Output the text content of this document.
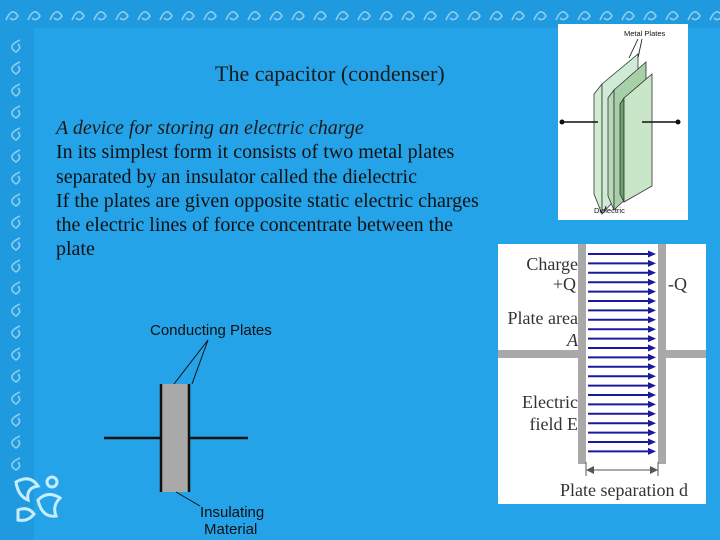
The capacitor (condenser)
A device for storing an electric charge
In its simplest form it consists of two metal plates separated by an insulator called the dielectric
If the plates are given opposite static electric charges the electric lines of force concentrate between the plate
Metal Plates
Dielectric
Charge
+Q	-Q
Plate area
A
Electric
field E
Plate separation d
Conducting Plates
Insulating
Material
